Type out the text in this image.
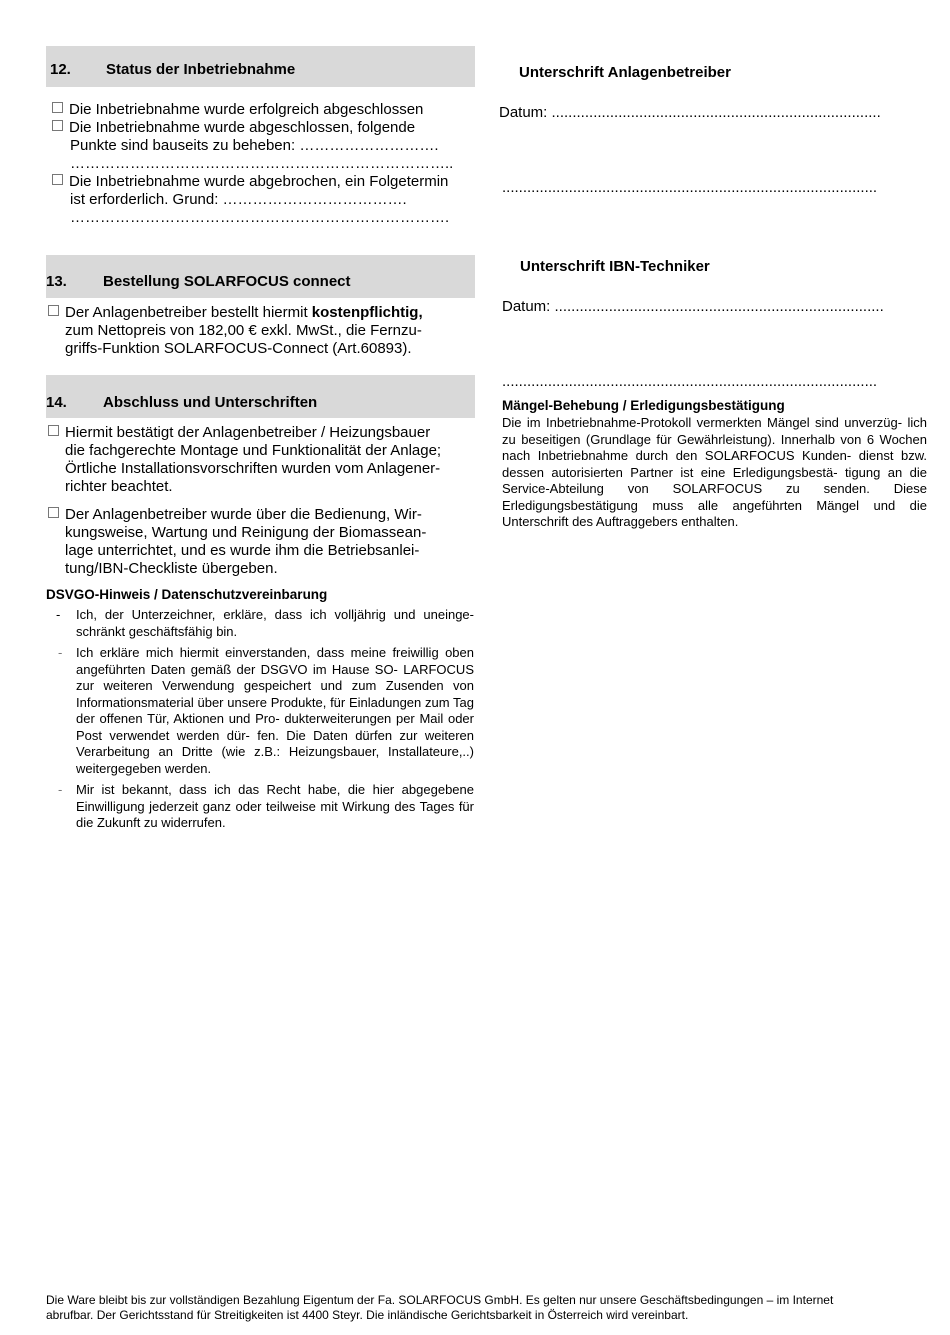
12. Status der Inbetriebnahme
Die Inbetriebnahme wurde erfolgreich abgeschlossen
Die Inbetriebnahme wurde abgeschlossen, folgende
Punkte sind bauseits zu beheben: ……………………….
…………………………………………………………………..
Die Inbetriebnahme wurde abgebrochen, ein Folgetermin
ist erforderlich. Grund: ……………………………….
………………………………………………………………….
13. Bestellung SOLARFOCUS connect
Der Anlagenbetreiber bestellt hiermit kostenpflichtig,
zum Nettopreis von 182,00 € exkl. MwSt., die Fernzu-
griffs-Funktion SOLARFOCUS-Connect (Art.60893).
14. Abschluss und Unterschriften
Hiermit bestätigt der Anlagenbetreiber / Heizungsbauer
die fachgerechte Montage und Funktionalität der Anlage;
Örtliche Installationsvorschriften wurden vom Anlagener-
richter beachtet.
Der Anlagenbetreiber wurde über die Bedienung, Wir-
kungsweise, Wartung und Reinigung der Biomassean-
lage unterrichtet, und es wurde ihm die Betriebsanlei-
tung/IBN-Checkliste übergeben.
DSVGO-Hinweis / Datenschutzvereinbarung
- Ich, der Unterzeichner, erkläre, dass ich volljährig und uneinge- schränkt geschäftsfähig bin.
- Ich erkläre mich hiermit einverstanden, dass meine freiwillig oben angeführten Daten gemäß der DSGVO im Hause SO- LARFOCUS zur weiteren Verwendung gespeichert und zum Zusenden von Informationsmaterial über unsere Produkte, für Einladungen zum Tag der offenen Tür, Aktionen und Pro- dukterweiterungen per Mail oder Post verwendet werden dür- fen. Die Daten dürfen zur weiteren Verarbeitung an Dritte (wie z.B.: Heizungsbauer, Installateure,..) weitergegeben werden.
- Mir ist bekannt, dass ich das Recht habe, die hier abgegebene Einwilligung jederzeit ganz oder teilweise mit Wirkung des Tages für die Zukunft zu widerrufen.
Unterschrift Anlagenbetreiber
Datum: ...............................................................................
..........................................................................................
Unterschrift IBN-Techniker
Datum: ...............................................................................
..........................................................................................
Mängel-Behebung / Erledigungsbestätigung
Die im Inbetriebnahme-Protokoll vermerkten Mängel sind unverzüg- lich zu beseitigen (Grundlage für Gewährleistung). Innerhalb von 6 Wochen nach Inbetriebnahme durch den SOLARFOCUS Kunden- dienst bzw. dessen autorisierten Partner ist eine Erledigungsbestä- tigung an die Service-Abteilung von SOLARFOCUS zu senden. Diese Erledigungsbestätigung muss alle angeführten Mängel und die Unterschrift des Auftraggebers enthalten.
Die Ware bleibt bis zur vollständigen Bezahlung Eigentum der Fa. SOLARFOCUS GmbH. Es gelten nur unsere Geschäftsbedingungen – im Internet
abrufbar. Der Gerichtsstand für Streitigkeiten ist 4400 Steyr. Die inländische Gerichtsbarkeit in Österreich wird vereinbart.
